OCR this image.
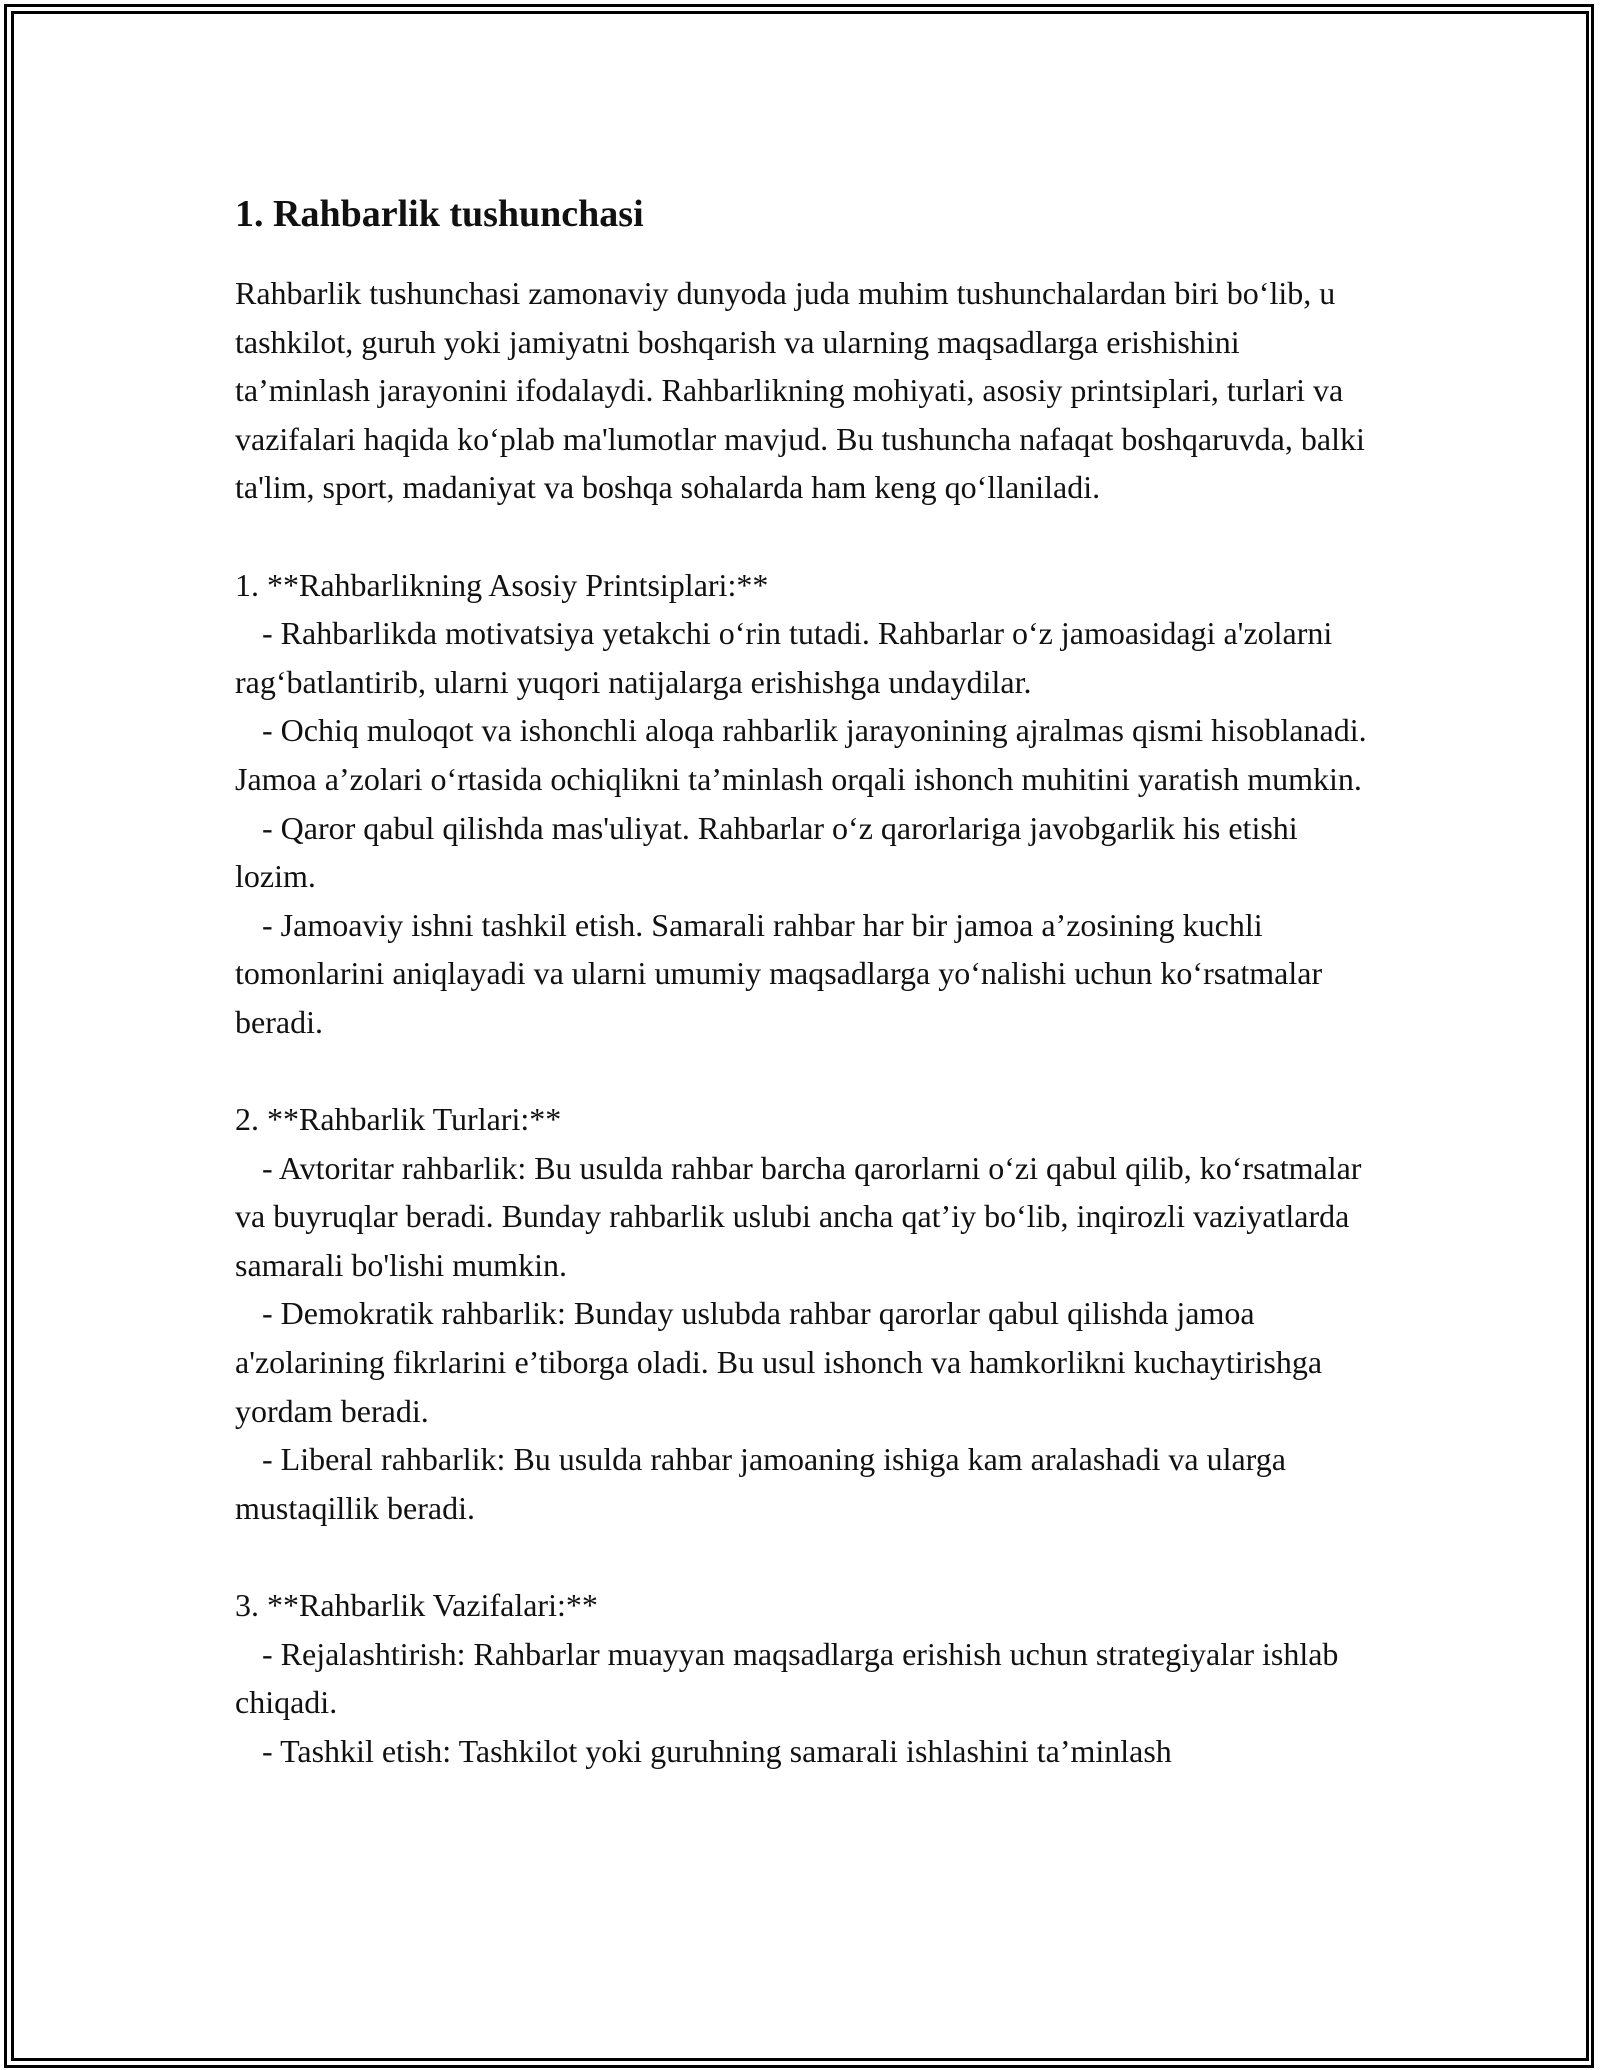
1. Rahbarlik tushunchasi
Rahbarlik tushunchasi zamonaviy dunyoda juda muhim tushunchalardan biri bo‘lib, u tashkilot, guruh yoki jamiyatni boshqarish va ularning maqsadlarga erishishini ta’minlash jarayonini ifodalaydi. Rahbarlikning mohiyati, asosiy printsiplari, turlari va vazifalari haqida ko‘plab ma'lumotlar mavjud. Bu tushuncha nafaqat boshqaruvda, balki ta'lim, sport, madaniyat va boshqa sohalarda ham keng qo‘llaniladi.
1. **Rahbarlikning Asosiy Printsiplari:**
- Rahbarlikda motivatsiya yetakchi o‘rin tutadi. Rahbarlar o‘z jamoasidagi a'zolarni rag‘batlantirib, ularni yuqori natijalarga erishishga undaydilar.
- Ochiq muloqot va ishonchli aloqa rahbarlik jarayonining ajralmas qismi hisoblanadi. Jamoa a’zolari o‘rtasida ochiqlikni ta’minlash orqali ishonch muhitini yaratish mumkin.
- Qaror qabul qilishda mas'uliyat. Rahbarlar o‘z qarorlariga javobgarlik his etishi lozim.
- Jamoaviy ishni tashkil etish. Samarali rahbar har bir jamoa a’zosining kuchli tomonlarini aniqlayadi va ularni umumiy maqsadlarga yo‘nalishi uchun ko‘rsatmalar beradi.
2. **Rahbarlik Turlari:**
- Avtoritar rahbarlik: Bu usulda rahbar barcha qarorlarni o‘zi qabul qilib, ko‘rsatmalar va buyruqlar beradi. Bunday rahbarlik uslubi ancha qat’iy bo‘lib, inqirozli vaziyatlarda samarali bo'lishi mumkin.
- Demokratik rahbarlik: Bunday uslubda rahbar qarorlar qabul qilishda jamoa a'zolarining fikrlarini e’tiborga oladi. Bu usul ishonch va hamkorlikni kuchaytirishga yordam beradi.
- Liberal rahbarlik: Bu usulda rahbar jamoaning ishiga kam aralashadi va ularga mustaqillik beradi.
3. **Rahbarlik Vazifalari:**
- Rejalashtirish: Rahbarlar muayyan maqsadlarga erishish uchun strategiyalar ishlab chiqadi.
- Tashkil etish: Tashkilot yoki guruhning samarali ishlashini ta’minlash
